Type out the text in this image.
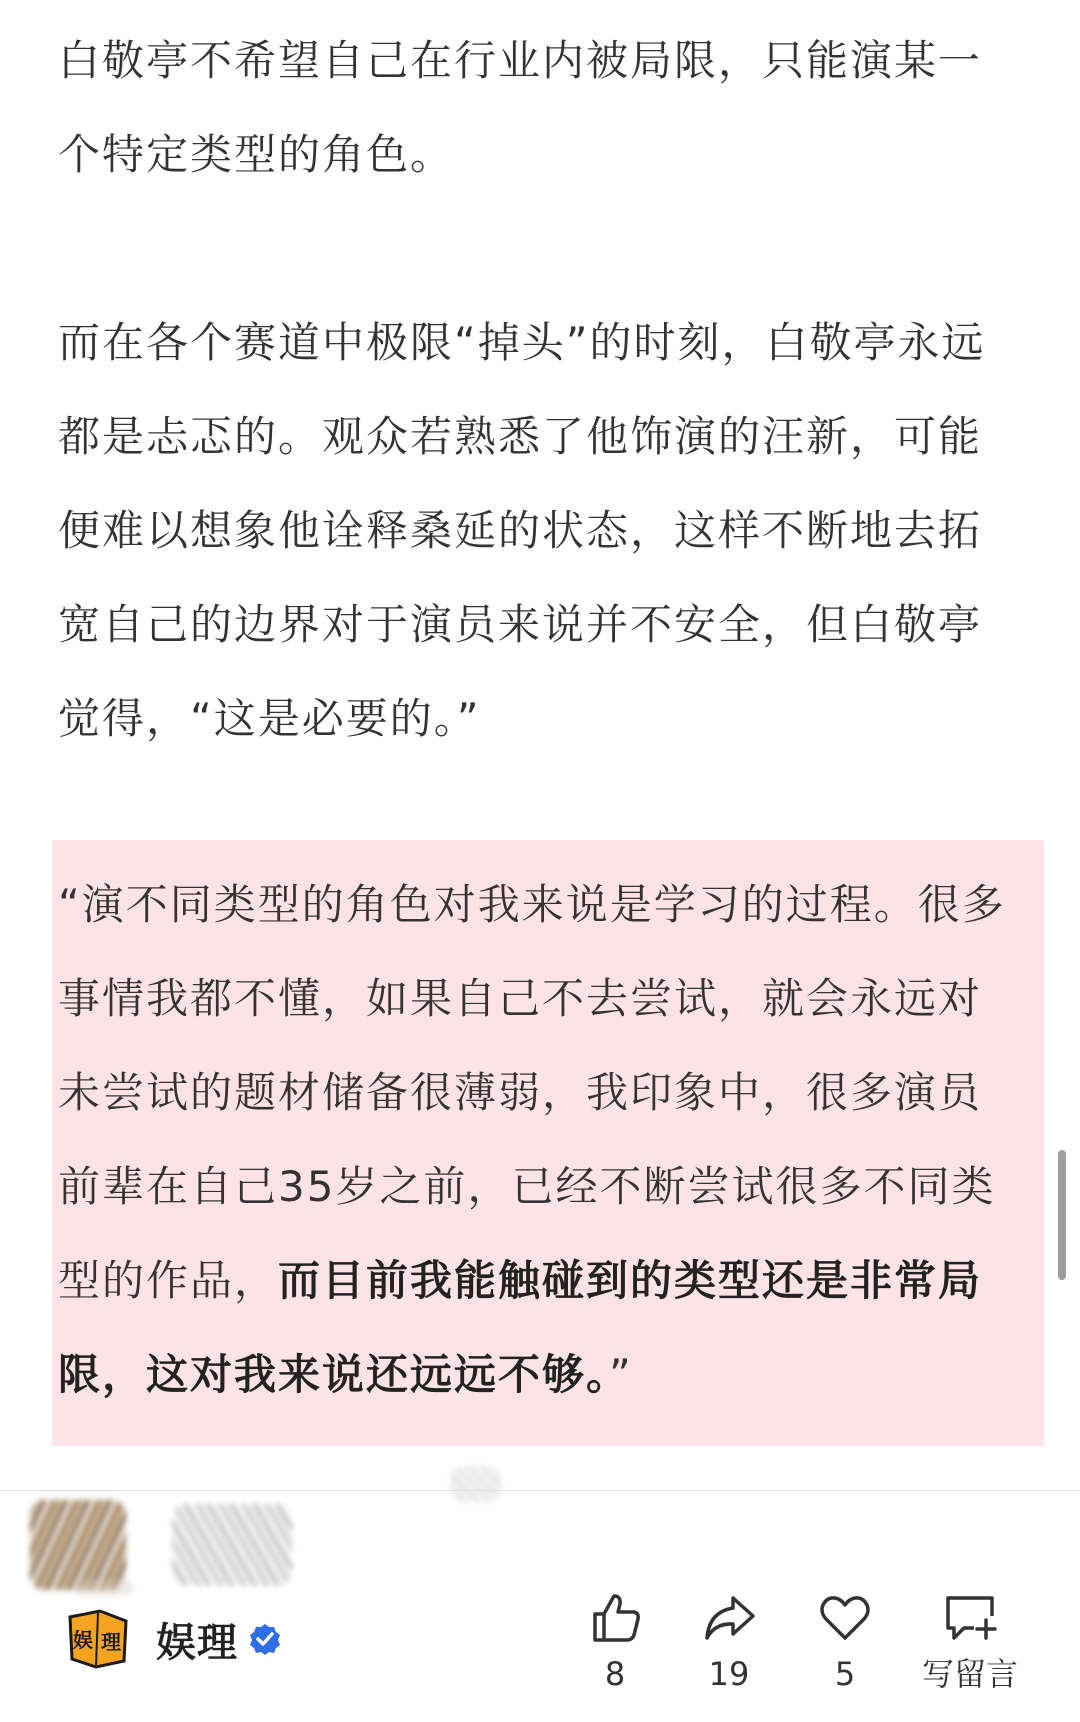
白敬亭不希望自己在行业内被局限，只能演某一个特定类型的角色。

而在各个赛道中极限“掉头”的时刻，白敬亭永远都是忐忑的。观众若熟悉了他饰演的汪新，可能便难以想象他诠释桑延的状态，这样不断地去拓宽自己的边界对于演员来说并不安全，但白敬亭觉得，“这是必要的。”

“演不同类型的角色对我来说是学习的过程。很多事情我都不懂，如果自己不去尝试，就会永远对未尝试的题材储备很薄弱，我印象中，很多演员前辈在自己35岁之前，已经不断尝试很多不同类型的作品，而目前我能触碰到的类型还是非常局限，这对我来说还远远不够。”

娱 理 娱理
8	19	5	写留言
